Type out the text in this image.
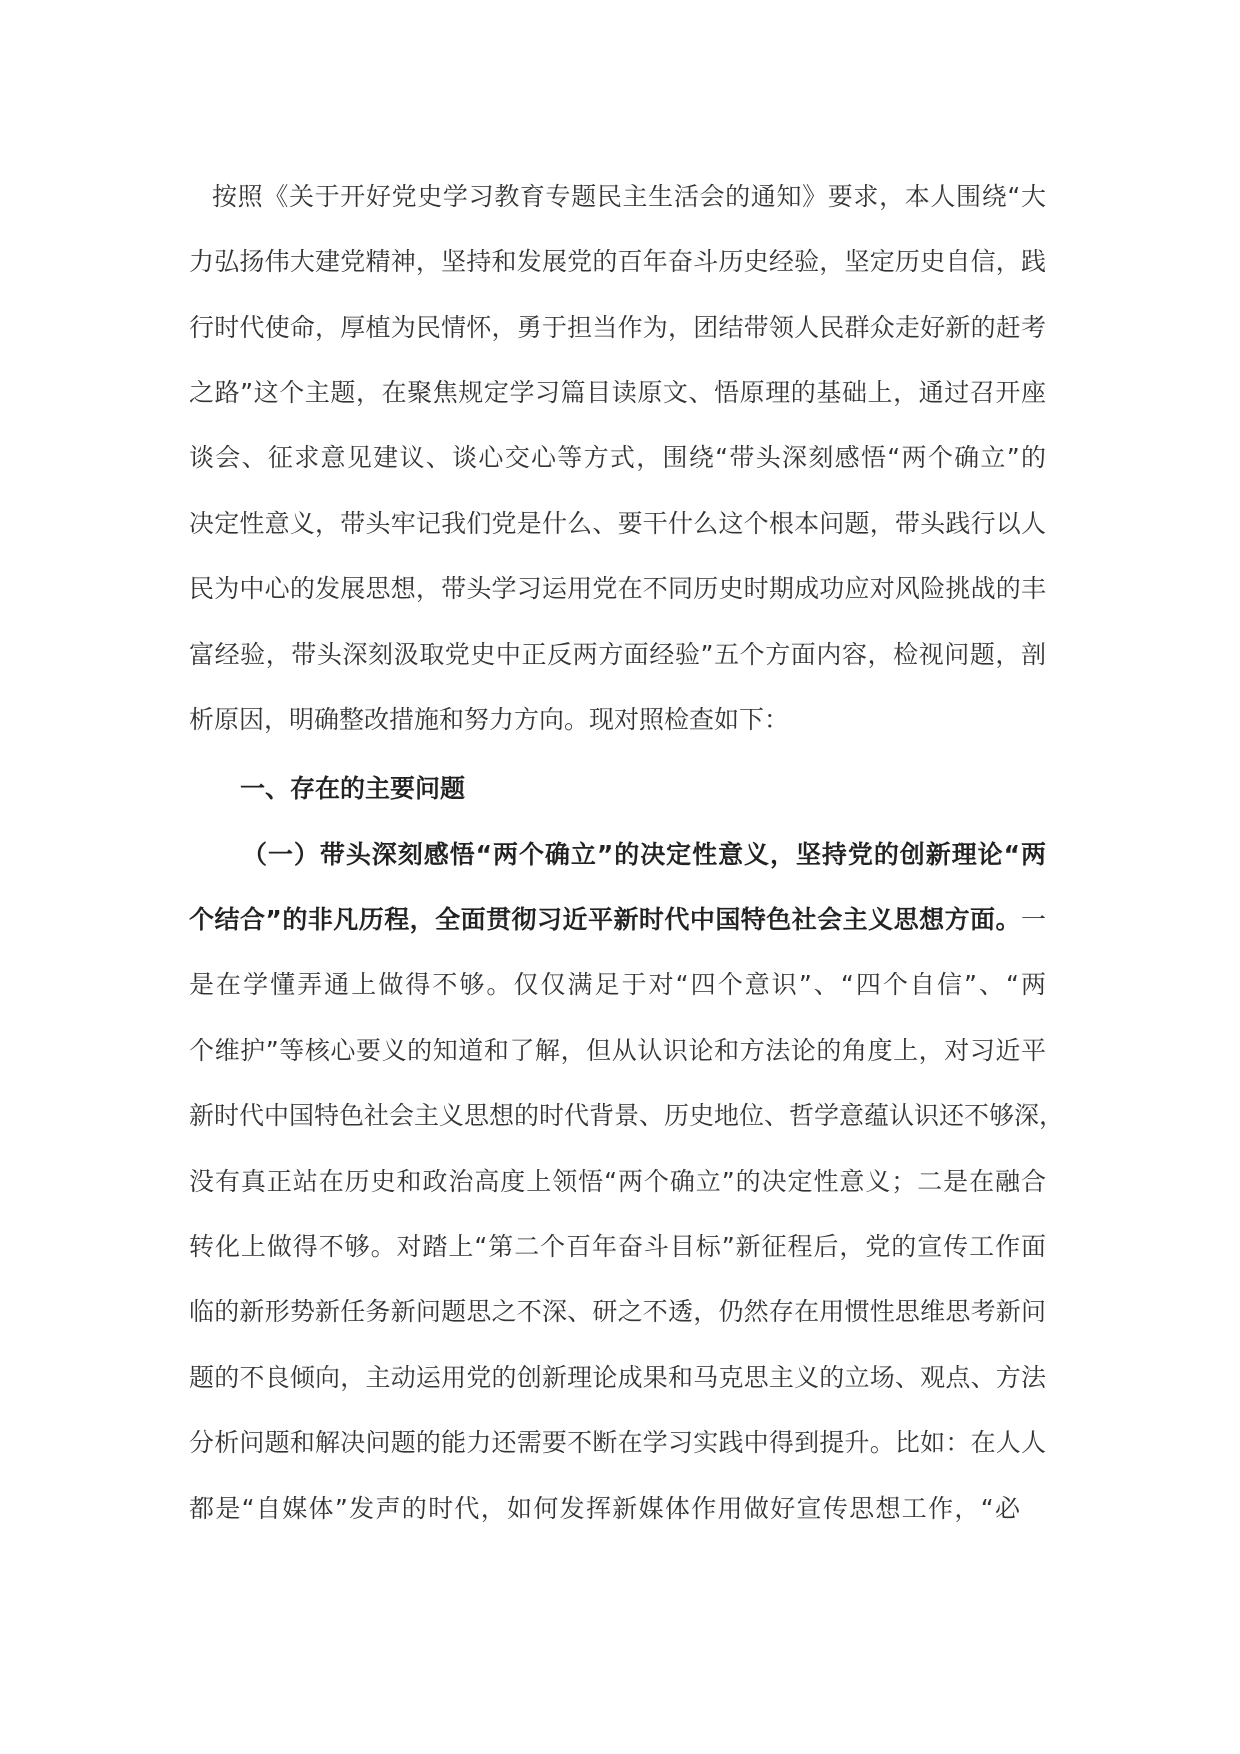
按照《关于开好党史学习教育专题民主生活会的通知》要求，本人围绕“大
力弘扬伟大建党精神，坚持和发展党的百年奋斗历史经验，坚定历史自信，践
行时代使命，厚植为民情怀，勇于担当作为，团结带领人民群众走好新的赶考
之路”这个主题，在聚焦规定学习篇目读原文、悟原理的基础上，通过召开座
谈会、征求意见建议、谈心交心等方式，围绕“带头深刻感悟“两个确立”的
决定性意义，带头牢记我们党是什么、要干什么这个根本问题，带头践行以人
民为中心的发展思想，带头学习运用党在不同历史时期成功应对风险挑战的丰
富经验，带头深刻汲取党史中正反两方面经验”五个方面内容，检视问题，剖
析原因，明确整改措施和努力方向。现对照检查如下：
一、存在的主要问题
（一）带头深刻感悟“两个确立”的决定性意义，坚持党的创新理论“两
个结合”的非凡历程，全面贯彻习近平新时代中国特色社会主义思想方面。一
是在学懂弄通上做得不够。仅仅满足于对“四个意识”、“四个自信”、“两
个维护”等核心要义的知道和了解，但从认识论和方法论的角度上，对习近平
新时代中国特色社会主义思想的时代背景、历史地位、哲学意蕴认识还不够深，
没有真正站在历史和政治高度上领悟“两个确立”的决定性意义；二是在融合
转化上做得不够。对踏上“第二个百年奋斗目标”新征程后，党的宣传工作面
临的新形势新任务新问题思之不深、研之不透，仍然存在用惯性思维思考新问
题的不良倾向，主动运用党的创新理论成果和马克思主义的立场、观点、方法
分析问题和解决问题的能力还需要不断在学习实践中得到提升。比如：在人人
都是“自媒体”发声的时代，如何发挥新媒体作用做好宣传思想工作，“必
